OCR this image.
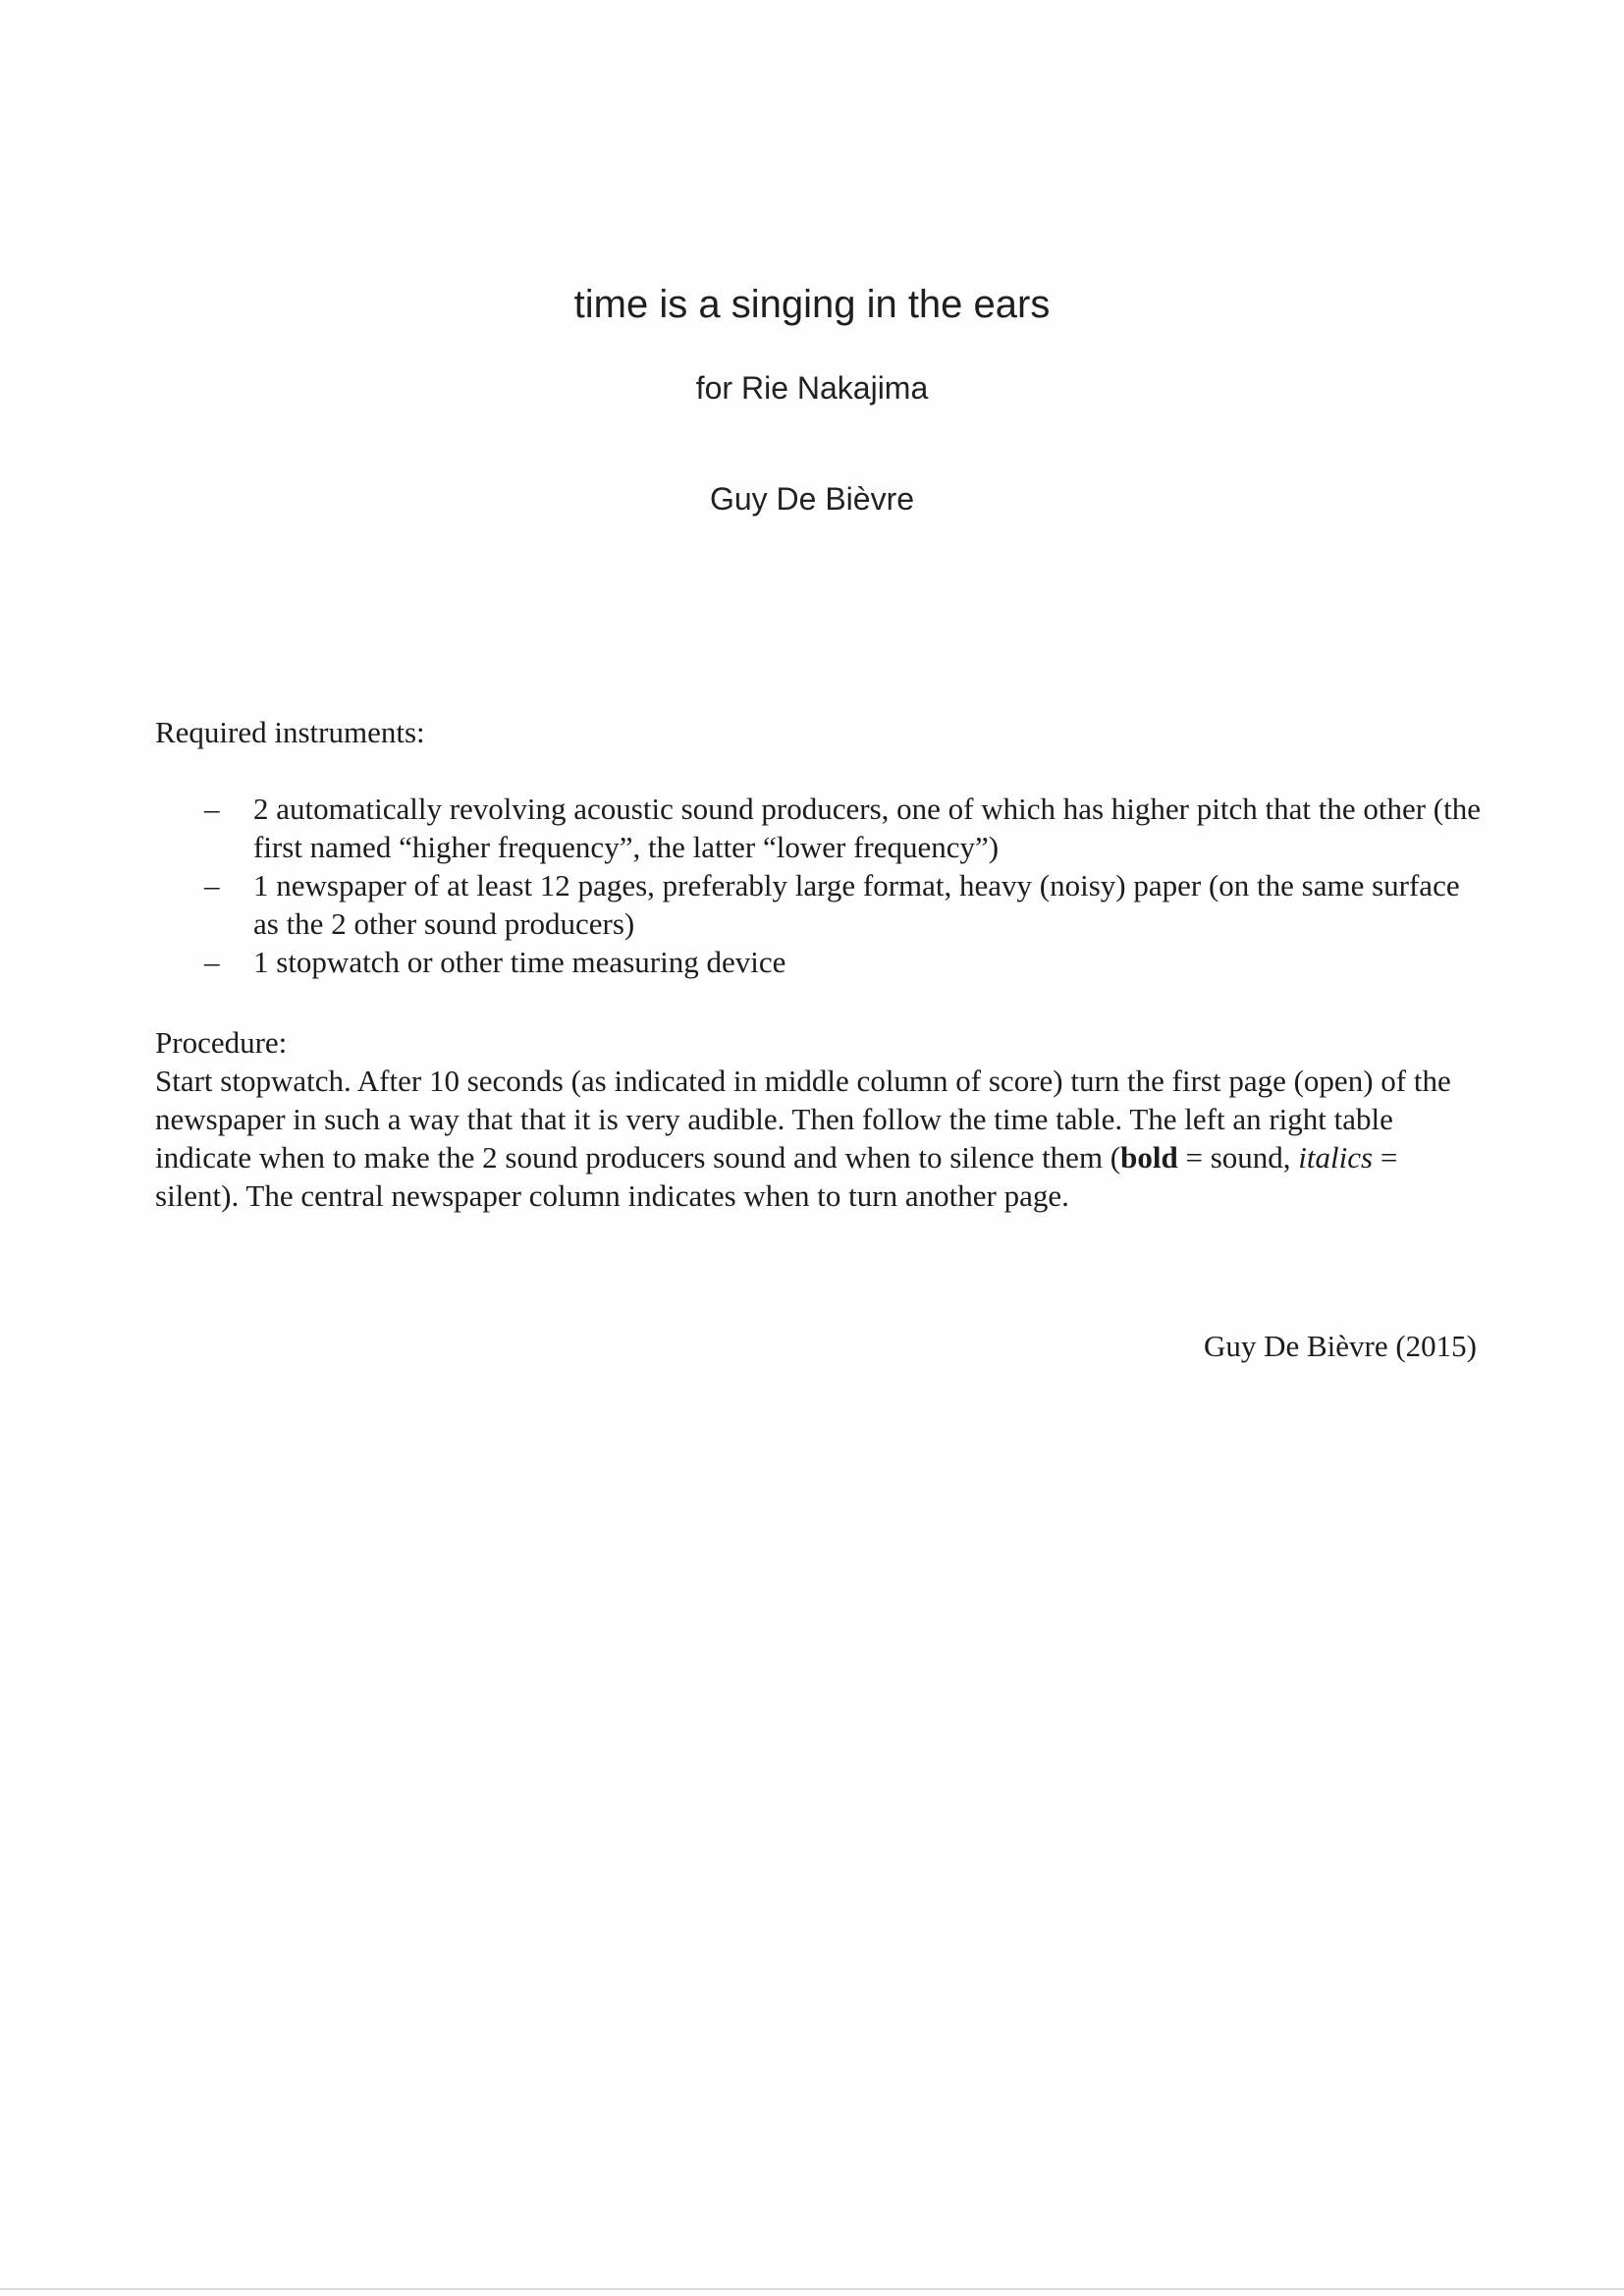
time is a singing in the ears
for Rie Nakajima
Guy De Bièvre
Required instruments:
– 2 automatically revolving acoustic sound producers, one of which has higher pitch that the other (the first named “higher frequency”, the latter “lower frequency”)
– 1 newspaper of at least 12 pages, preferably large format, heavy (noisy) paper (on the same surface as the 2 other sound producers)
– 1 stopwatch or other time measuring device
Procedure:

Start stopwatch. After 10 seconds (as indicated in middle column of score) turn the first page (open) of the newspaper in such a way that that it is very audible. Then follow the time table. The left an right table indicate when to make the 2 sound producers sound and when to silence them (bold = sound, italics = silent). The central newspaper column indicates when to turn another page.

Guy De Bièvre (2015)
